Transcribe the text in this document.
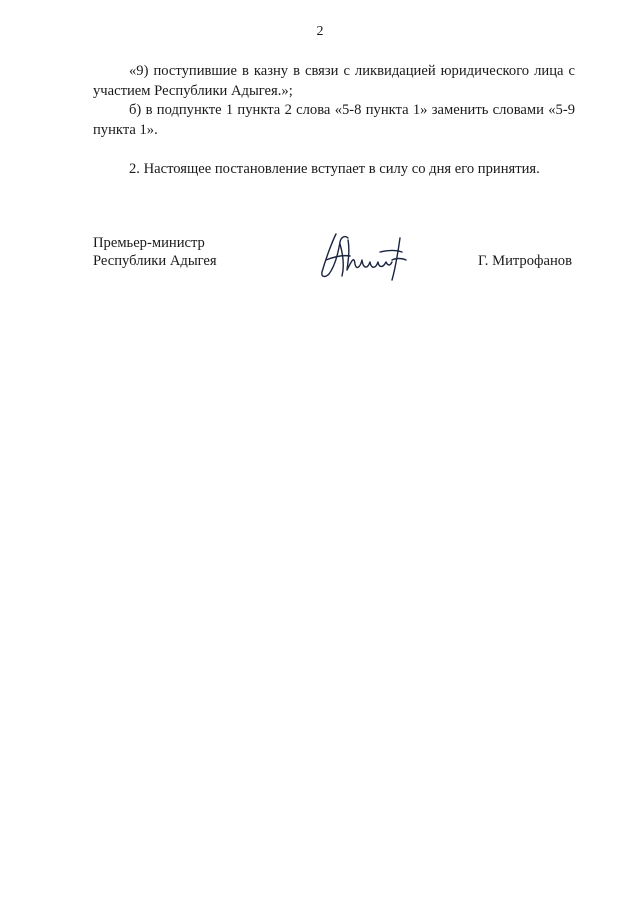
2

«9) поступившие в казну в связи с ликвидацией юридического лица с участием Республики Адыгея.»;

б) в подпункте 1 пункта 2 слова «5-8 пункта 1» заменить словами «5-9 пункта 1».

2. Настоящее постановление вступает в силу со дня его принятия.

Премьер-министр
Республики Адыгея	Г. Митрофанов
